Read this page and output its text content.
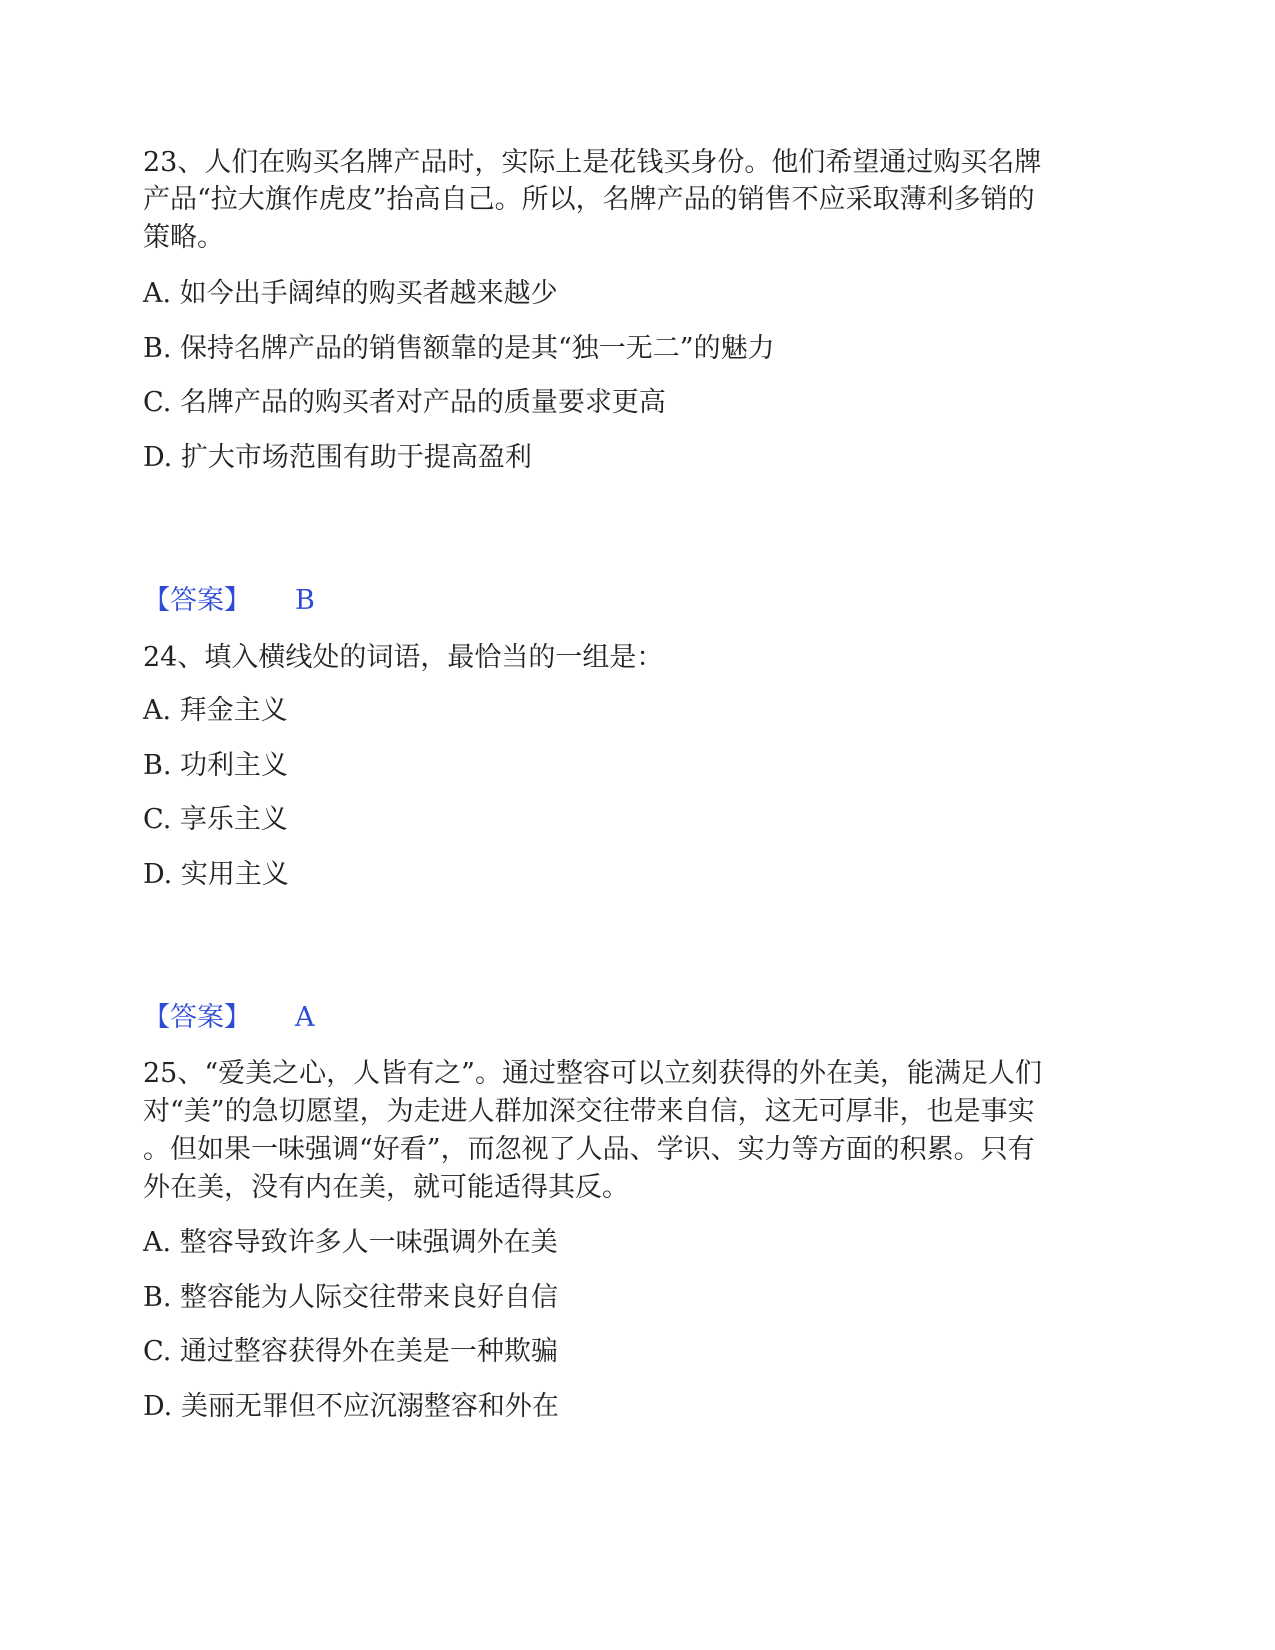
23、人们在购买名牌产品时，实际上是花钱买身份。他们希望通过购买名牌
产品“拉大旗作虎皮”抬高自己。所以，名牌产品的销售不应采取薄利多销的
策略。
A. 如今出手阔绰的购买者越来越少
B. 保持名牌产品的销售额靠的是其“独一无二”的魅力
C. 名牌产品的购买者对产品的质量要求更高
D. 扩大市场范围有助于提高盈利
【答案】 B
24、填入横线处的词语，最恰当的一组是：
A. 拜金主义
B. 功利主义
C. 享乐主义
D. 实用主义
【答案】 A
25、“爱美之心，人皆有之”。通过整容可以立刻获得的外在美，能满足人们
对“美”的急切愿望，为走进人群加深交往带来自信，这无可厚非，也是事实
。但如果一味强调“好看”，而忽视了人品、学识、实力等方面的积累。只有
外在美，没有内在美，就可能适得其反。
A. 整容导致许多人一味强调外在美
B. 整容能为人际交往带来良好自信
C. 通过整容获得外在美是一种欺骗
D. 美丽无罪但不应沉溺整容和外在
